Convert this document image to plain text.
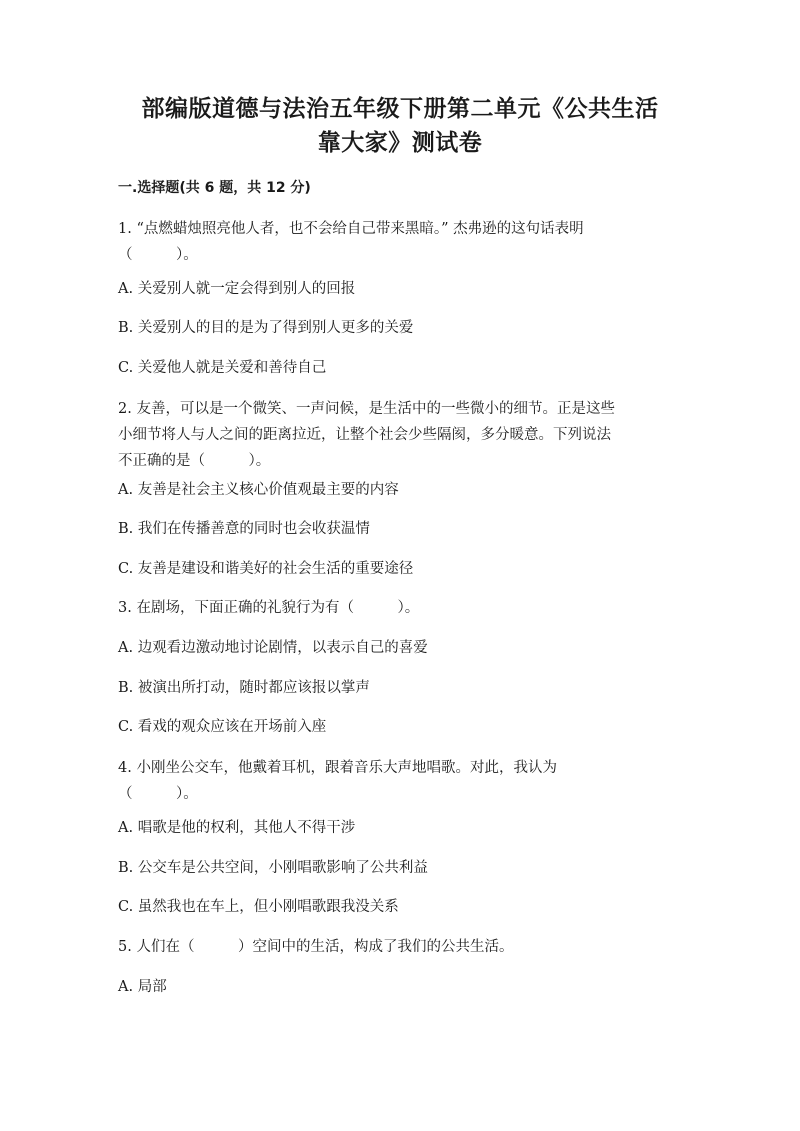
部编版道德与法治五年级下册第二单元《公共生活
靠大家》测试卷
一.选择题(共 6 题，共 12 分)
1. “点燃蜡烛照亮他人者，也不会给自己带来黑暗。” 杰弗逊的这句话表明
（　　　）。
A. 关爱别人就一定会得到别人的回报
B. 关爱别人的目的是为了得到别人更多的关爱
C. 关爱他人就是关爱和善待自己
2. 友善，可以是一个微笑、一声问候，是生活中的一些微小的细节。正是这些
小细节将人与人之间的距离拉近，让整个社会少些隔阂，多分暖意。下列说法
不正确的是（　　　）。
A. 友善是社会主义核心价值观最主要的内容
B. 我们在传播善意的同时也会收获温情
C. 友善是建设和谐美好的社会生活的重要途径
3. 在剧场，下面正确的礼貌行为有（　　　）。
A. 边观看边激动地讨论剧情，以表示自己的喜爱
B. 被演出所打动，随时都应该报以掌声
C. 看戏的观众应该在开场前入座
4. 小刚坐公交车，他戴着耳机，跟着音乐大声地唱歌。对此，我认为
（　　　）。
A. 唱歌是他的权利，其他人不得干涉
B. 公交车是公共空间，小刚唱歌影响了公共利益
C. 虽然我也在车上，但小刚唱歌跟我没关系
5. 人们在（　　　）空间中的生活，构成了我们的公共生活。
A. 局部
